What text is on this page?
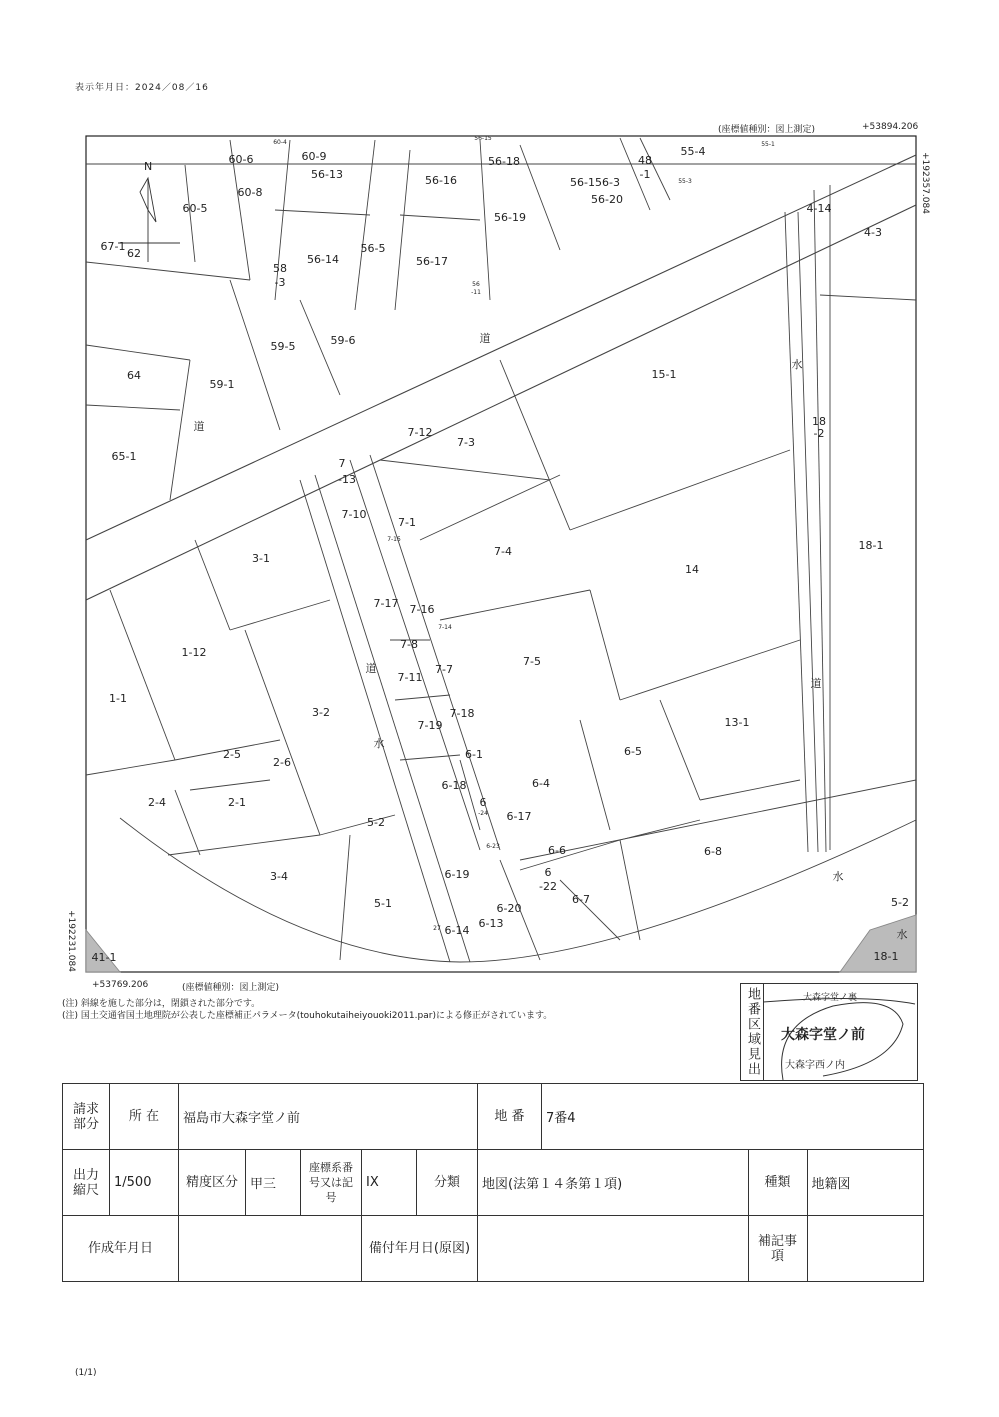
表示年月日：2024／08／16
(座標値種別：図上測定)	+53894.206
+192357.084
+192231.084
+53769.206	(座標値種別：図上測定)
N
60-6	60-9
60-4
56-15
56-18	48
-1
55-4
55-1
55-3
60-8
56-13	56-16	56-156-3
56-20
60-5
56-19
4-14
4-3
67-1
62	56-14
56-5
56-17
58
-3	56
-11
59-5	59-6	道
64
59-1
15-1
水
道	7-12
7-3
18
-2
65-1
7
-13
7-10
7-1
7-15
7-4	18-1
3-1
14
7-17 7-16
7-14
1-12
7-8
7-7
7-5
道
7-11	道
1-1
7-18
3-2
13-1
7-19
水
6-1
2-5
2-6
6-5
6-18	6-4
2-4	2-1	6
-24 6-17
5-2
6-23	6-6	6-8
3-4	6-19	6
-22
水
5-1	6-7
6-20	5-2
6-13
27 6-14	水
41-1	18-1
(注) 斜線を施した部分は，閉鎖された部分です。
(注) 国土交通省国土地理院が公表した座標補正パラメータ(touhokutaiheiyouoki2011.par)による修正がされています。	地番区域見出	大森字堂ノ裏
大森字堂ノ前
大森字西ノ内
請求部分	所 在	福島市大森字堂ノ前					地 番	7番4		
出力縮尺	1/500	精度区分	甲三	座標系番号又は記号	IX	分類	地図(法第１４条第１項)		種類	地籍図
作成年月日					備付年月日(原図)				補記事項	
(1/1)
